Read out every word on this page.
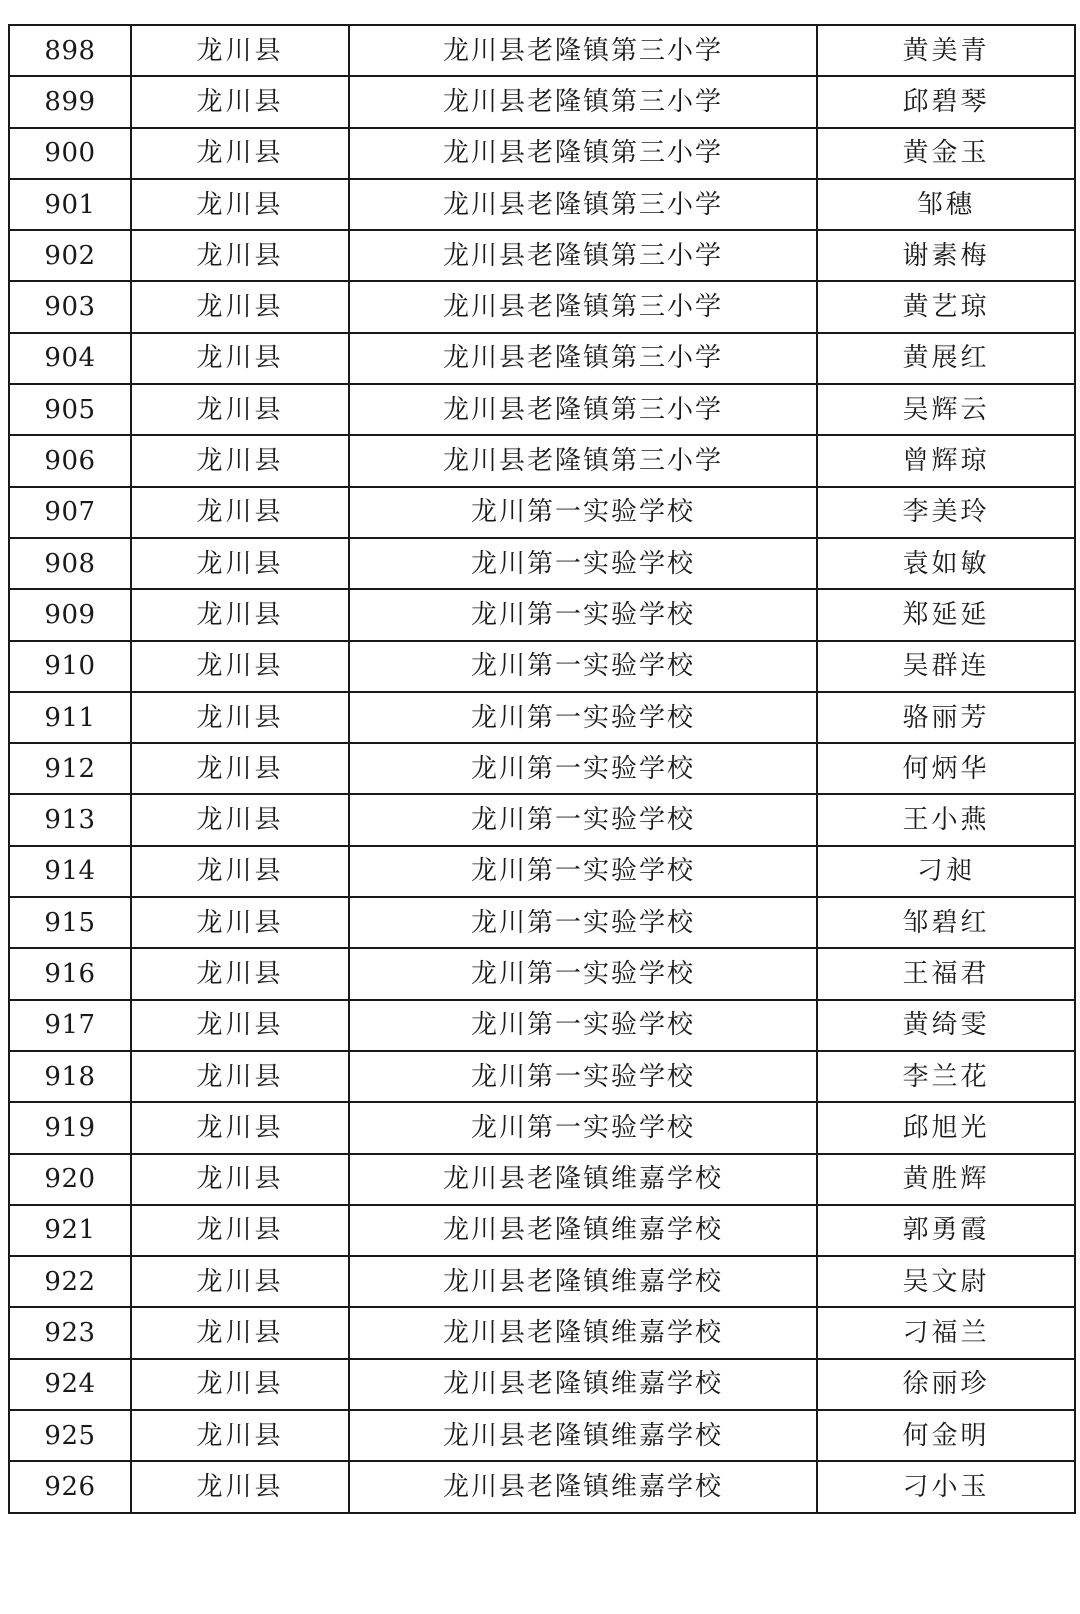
898	龙川县	龙川县老隆镇第三小学	黄美青
899	龙川县	龙川县老隆镇第三小学	邱碧琴
900	龙川县	龙川县老隆镇第三小学	黄金玉
901	龙川县	龙川县老隆镇第三小学	邹穗
902	龙川县	龙川县老隆镇第三小学	谢素梅
903	龙川县	龙川县老隆镇第三小学	黄艺琼
904	龙川县	龙川县老隆镇第三小学	黄展红
905	龙川县	龙川县老隆镇第三小学	吴辉云
906	龙川县	龙川县老隆镇第三小学	曾辉琼
907	龙川县	龙川第一实验学校	李美玲
908	龙川县	龙川第一实验学校	袁如敏
909	龙川县	龙川第一实验学校	郑延延
910	龙川县	龙川第一实验学校	吴群连
911	龙川县	龙川第一实验学校	骆丽芳
912	龙川县	龙川第一实验学校	何炳华
913	龙川县	龙川第一实验学校	王小燕
914	龙川县	龙川第一实验学校	刁昶
915	龙川县	龙川第一实验学校	邹碧红
916	龙川县	龙川第一实验学校	王福君
917	龙川县	龙川第一实验学校	黄绮雯
918	龙川县	龙川第一实验学校	李兰花
919	龙川县	龙川第一实验学校	邱旭光
920	龙川县	龙川县老隆镇维嘉学校	黄胜辉
921	龙川县	龙川县老隆镇维嘉学校	郭勇霞
922	龙川县	龙川县老隆镇维嘉学校	吴文尉
923	龙川县	龙川县老隆镇维嘉学校	刁福兰
924	龙川县	龙川县老隆镇维嘉学校	徐丽珍
925	龙川县	龙川县老隆镇维嘉学校	何金明
926	龙川县	龙川县老隆镇维嘉学校	刁小玉
